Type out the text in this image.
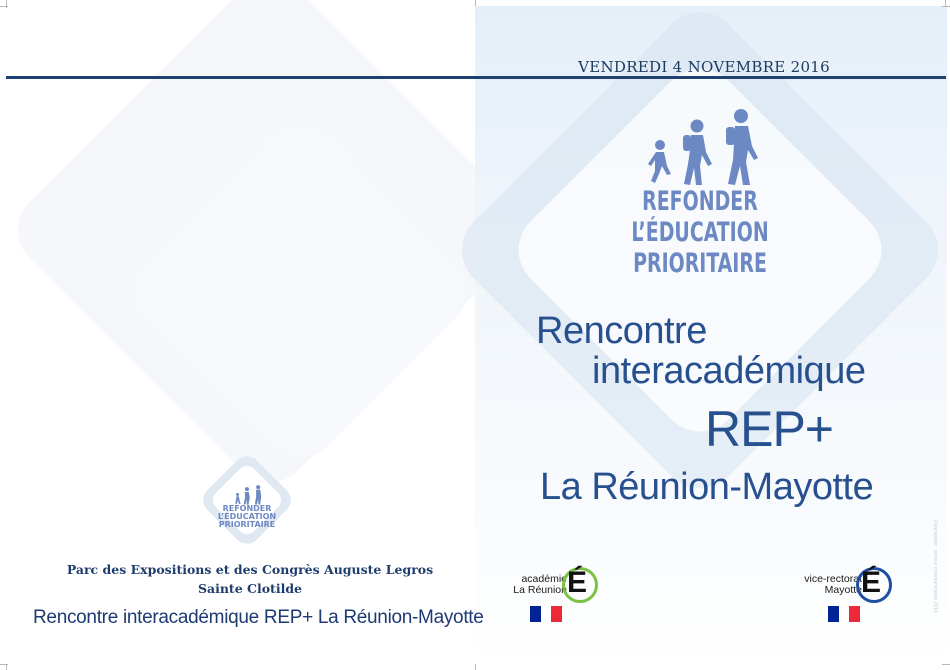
VENDREDI 4 NOVEMBRE 2016
REFONDER
L’ÉDUCATION
PRIORITAIRE
Rencontre
interacadémique
REP+
La Réunion-Mayotte
REFONDER
L’ÉDUCATION
PRIORITAIRE
Parc des Expositions et des Congrès Auguste Legros
Sainte Clotilde
Rencontre interacadémique REP+ La Réunion-Mayotte
académie
La Réunion É	vice-rectorat
Mayotte É	Conception : service communication 2016
